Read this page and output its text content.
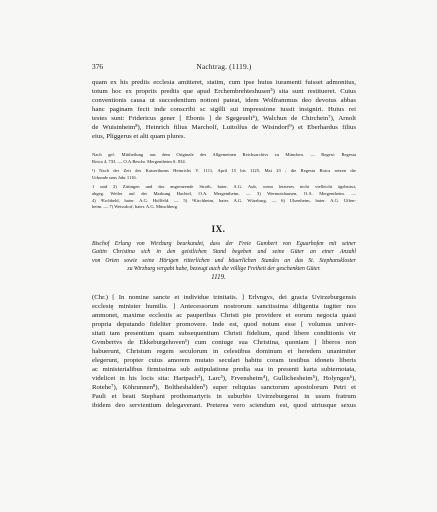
376	Nachtrag. (1119.)
quam ex his prediis ecclesia amitteret, statim, cum ipse huius iuramenti fuisset admonitus,
totum hoc ex propriis prediis que apud Erchembrehteshusen⁵) sita sunt restitueret. Cuius
conventionis causa ut succedentium notioni pateat, idem Wolframmus deo devotus abbas
hanc paginam fecit inde conscribi sc sigilli sui impressione iussit insigniri. Huius rei
testes sunt: Fridericus gener [ Ebonis ] de Sgegeuelt⁶), Walchun de Chirchein⁷), Arnolt
de Wuisinheim⁸), Heinrich filius Marcholf, Luitolfus de Wisindorf⁹) et Eberhardus filius
eius, Pliggerus et alii quam plures.
Nach gef. Mittheilung aus dem Originale des Allgemeinen Reichsarchivs zu München. — Regest: Regesta
Boica 4, 733. — O.A.Beschr. Mergentheim S. 834.
¹) Nach der Zeit des Kaiserthums Heinrichs V. 1111, April 15 bis 1125, Mai 23 ; die Regesta Boica setzen die
Urkunde ums Jahr 1116.
1 und 2) Zittingen und das angrenzende Stroth, baier. A.G. Aub, wenn letzteres nicht vielleicht ägebstrut,
abgeg. Weiler auf der Markung Hachtel, O.A. Mergentheim. — 3) Wermutshausen, O.A. Mergentheim. —
4) ¹Erchbeld, baier. A.G. Hollfeld. — 5) ¹Kirchheim, baier. A.G. Würzburg. — 6) Ulsenheim, baier. A.G. Uffen-
heim. — 7) Weissdorf, baier. A.G. Münchberg.
IX.
Bischof Erlung von Wirzburg beurkundet, dass der Freie Gumbert von Eguarhofen mit seiner
Gattin Christina sich in den geistlichen Stand begeben und seine Güter an einer Anzahl
von Orten sowie seine Hörigen ritterlichen und bäuerlichen Standes an das St. Stephanskloster
zu Wirzburg vergabt habe, bezeugt auch die völlige Freiheit der geschenkten Güter.
1119.
(Chr.) [ In nomine sancte et individue trinitatis. ] Erlvngvs, dei gracia Uvirzeburgensis
ecclesię minister humilis. ] Antecessorum nostrorum sanctissima diligentia iugiter nos
ammonet, maxime ecclesiis ac pauperibus Christi pie providere et eorum negocia quasi
propria deputando fideliter promovere. Inde est, quod notum esse [ volumus univer-
sitati tam presentium quam subsequentium Christi fidelium, quod libere conditionis vir
Gvmbertvs de Ekkeburgehoven¹) cum coniuge sua Christina, quoniam ] liberos non
habuerunt, Christum regem seculorum in celestibus dominum et heredem unanimiter
elegerunt, propter cuius amorem mutato seculari habitu coram testibus idoneis liberis
ac ministerialibus firmissima sub astipulatione predia sua in presenti karta subternotata,
videlicet in his locis sita: Hartpach²), Larc³), Frvensheim⁴), Gullichesheim⁵), Holyngen⁶),
Rotehe⁷), Köhrunnen⁸), Bolthesbalden⁹) super reliquias sanctorum apostolorum Petri et
Pauli et beati Stephani prothomartyris in suburbio Uvirzeburgensi in usum fratrum
ibidem deo servientium delegaverant. Preterea vero sciendum est, quod utriusque sexus
